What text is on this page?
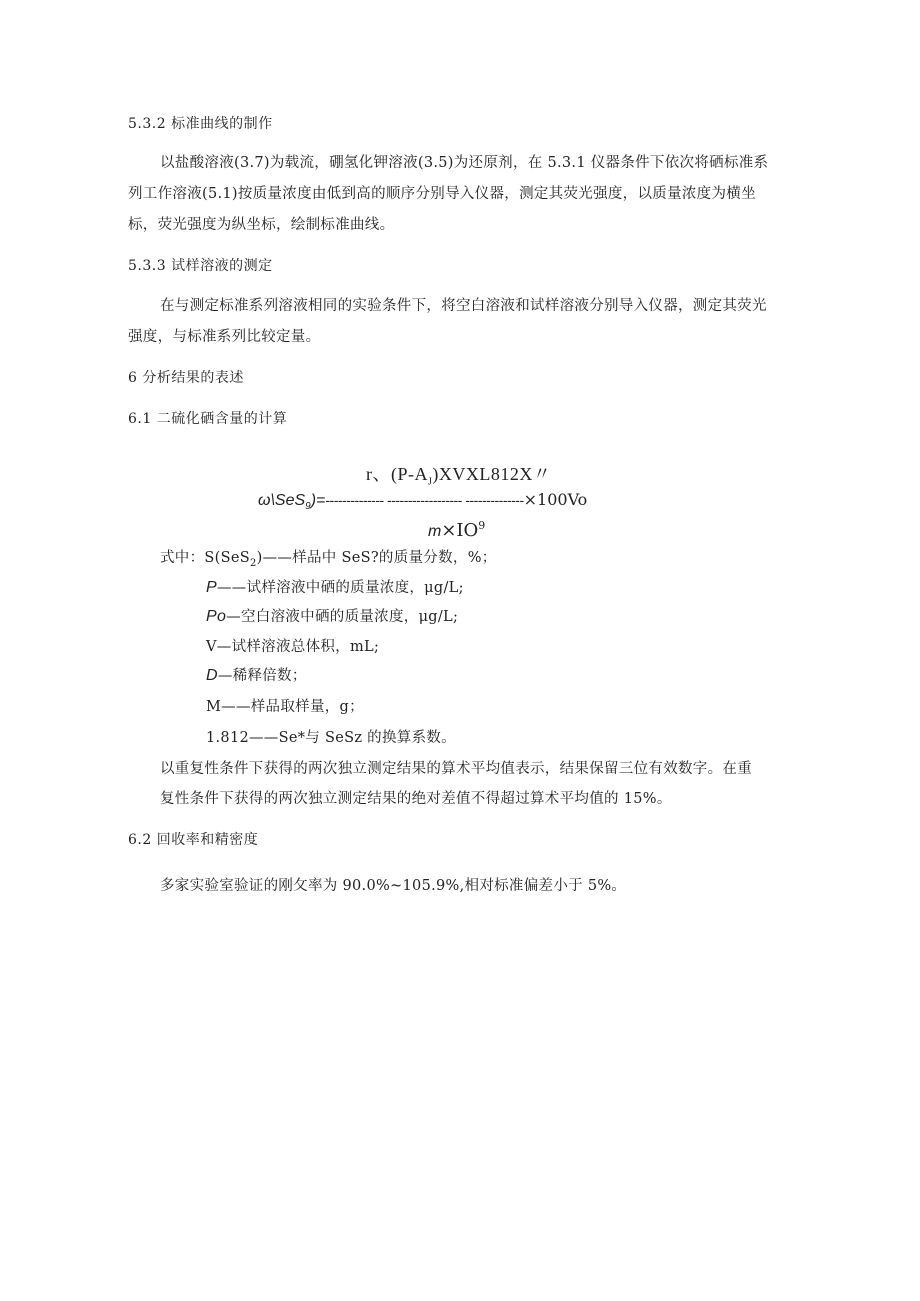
5.3.2 标准曲线的制作
以盐酸溶液(3.7)为载流，硼氢化钾溶液(3.5)为还原剂，在 5.3.1 仪器条件下依次将硒标准系
列工作溶液(5.1)按质量浓度由低到高的顺序分别导入仪器，测定其荧光强度，以质量浓度为横坐
标，荧光强度为纵坐标，绘制标准曲线。
5.3.3 试样溶液的测定
在与测定标准系列溶液相同的实验条件下，将空白溶液和试样溶液分别导入仪器，测定其荧光
强度，与标准系列比较定量。
6 分析结果的表述
6.1 二硫化硒含量的计算
r、$(P-A_J)XVXL812X$〃
ω\SeS$_9$)=-------------- ------------------ --------------×100Vo
$m\times IO^9$
式中：S(SeS$_2$)——样品中 SeS?的质量分数，%；
P——试样溶液中硒的质量浓度，μg/L;
Po—空白溶液中硒的质量浓度，μg/L;
V—试样溶液总体积，mL;
D—稀释倍数；
M——样品取样量，g；
1.812——Se*与 SeSz 的换算系数。
以重复性条件下获得的两次独立测定结果的算术平均值表示，结果保留三位有效数字。在重
复性条件下获得的两次独立测定结果的绝对差值不得超过算术平均值的 15%。
6.2 回收率和精密度
多家实验室验证的刚攵率为 90.0%~105.9%,相对标准偏差小于 5%。
